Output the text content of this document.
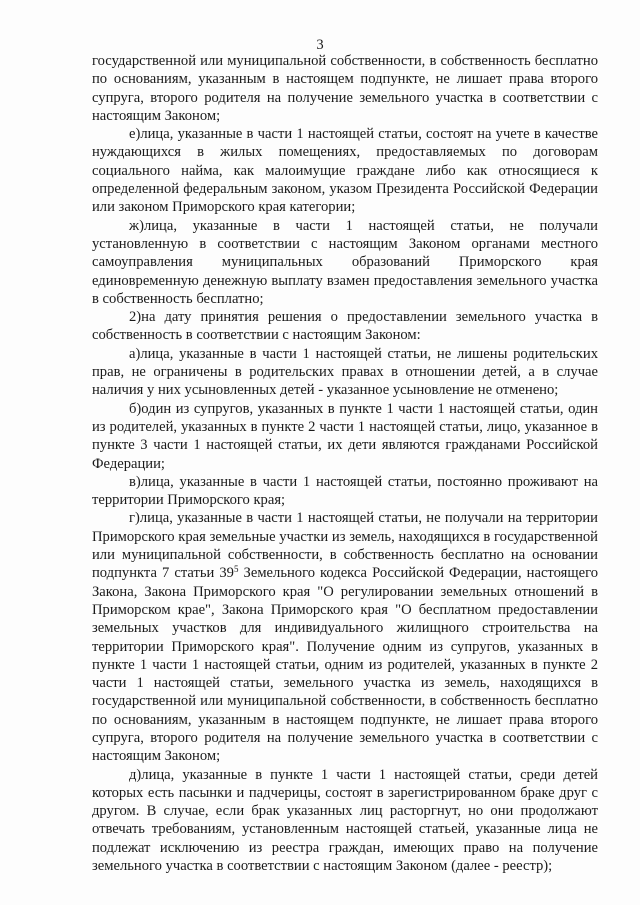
3

государственной или муниципальной собственности, в собственность бесплатно по основаниям, указанным в настоящем подпункте, не лишает права второго супруга, второго родителя на получение земельного участка в соответствии с настоящим Законом;

е)лица, указанные в части 1 настоящей статьи, состоят на учете в качестве нуждающихся в жилых помещениях, предоставляемых по договорам социального найма, как малоимущие граждане либо как относящиеся к определенной федеральным законом, указом Президента Российской Федерации или законом Приморского края категории;

ж)лица, указанные в части 1 настоящей статьи, не получали установленную в соответствии с настоящим Законом органами местного самоуправления муниципальных образований Приморского края единовременную денежную выплату взамен предоставления земельного участка в собственность бесплатно;

2)на дату принятия решения о предоставлении земельного участка в собственность в соответствии с настоящим Законом:

а)лица, указанные в части 1 настоящей статьи, не лишены родительских прав, не ограничены в родительских правах в отношении детей, а в случае наличия у них усыновленных детей - указанное усыновление не отменено;

б)один из супругов, указанных в пункте 1 части 1 настоящей статьи, один из родителей, указанных в пункте 2 части 1 настоящей статьи, лицо, указанное в пункте 3 части 1 настоящей статьи, их дети являются гражданами Российской Федерации;

в)лица, указанные в части 1 настоящей статьи, постоянно проживают на территории Приморского края;

г)лица, указанные в части 1 настоящей статьи, не получали на территории Приморского края земельные участки из земель, находящихся в государственной или муниципальной собственности, в собственность бесплатно на основании подпункта 7 статьи $39^5$ Земельного кодекса Российской Федерации, настоящего Закона, Закона Приморского края "О регулировании земельных отношений в Приморском крае", Закона Приморского края "О бесплатном предоставлении земельных участков для индивидуального жилищного строительства на территории Приморского края". Получение одним из супругов, указанных в пункте 1 части 1 настоящей статьи, одним из родителей, указанных в пункте 2 части 1 настоящей статьи, земельного участка из земель, находящихся в государственной или муниципальной собственности, в собственность бесплатно по основаниям, указанным в настоящем подпункте, не лишает права второго супруга, второго родителя на получение земельного участка в соответствии с настоящим Законом;

д)лица, указанные в пункте 1 части 1 настоящей статьи, среди детей которых есть пасынки и падчерицы, состоят в зарегистрированном браке друг с другом. В случае, если брак указанных лиц расторгнут, но они продолжают отвечать требованиям, установленным настоящей статьей, указанные лица не подлежат исключению из реестра граждан, имеющих право на получение земельного участка в соответствии с настоящим Законом (далее - реестр);
